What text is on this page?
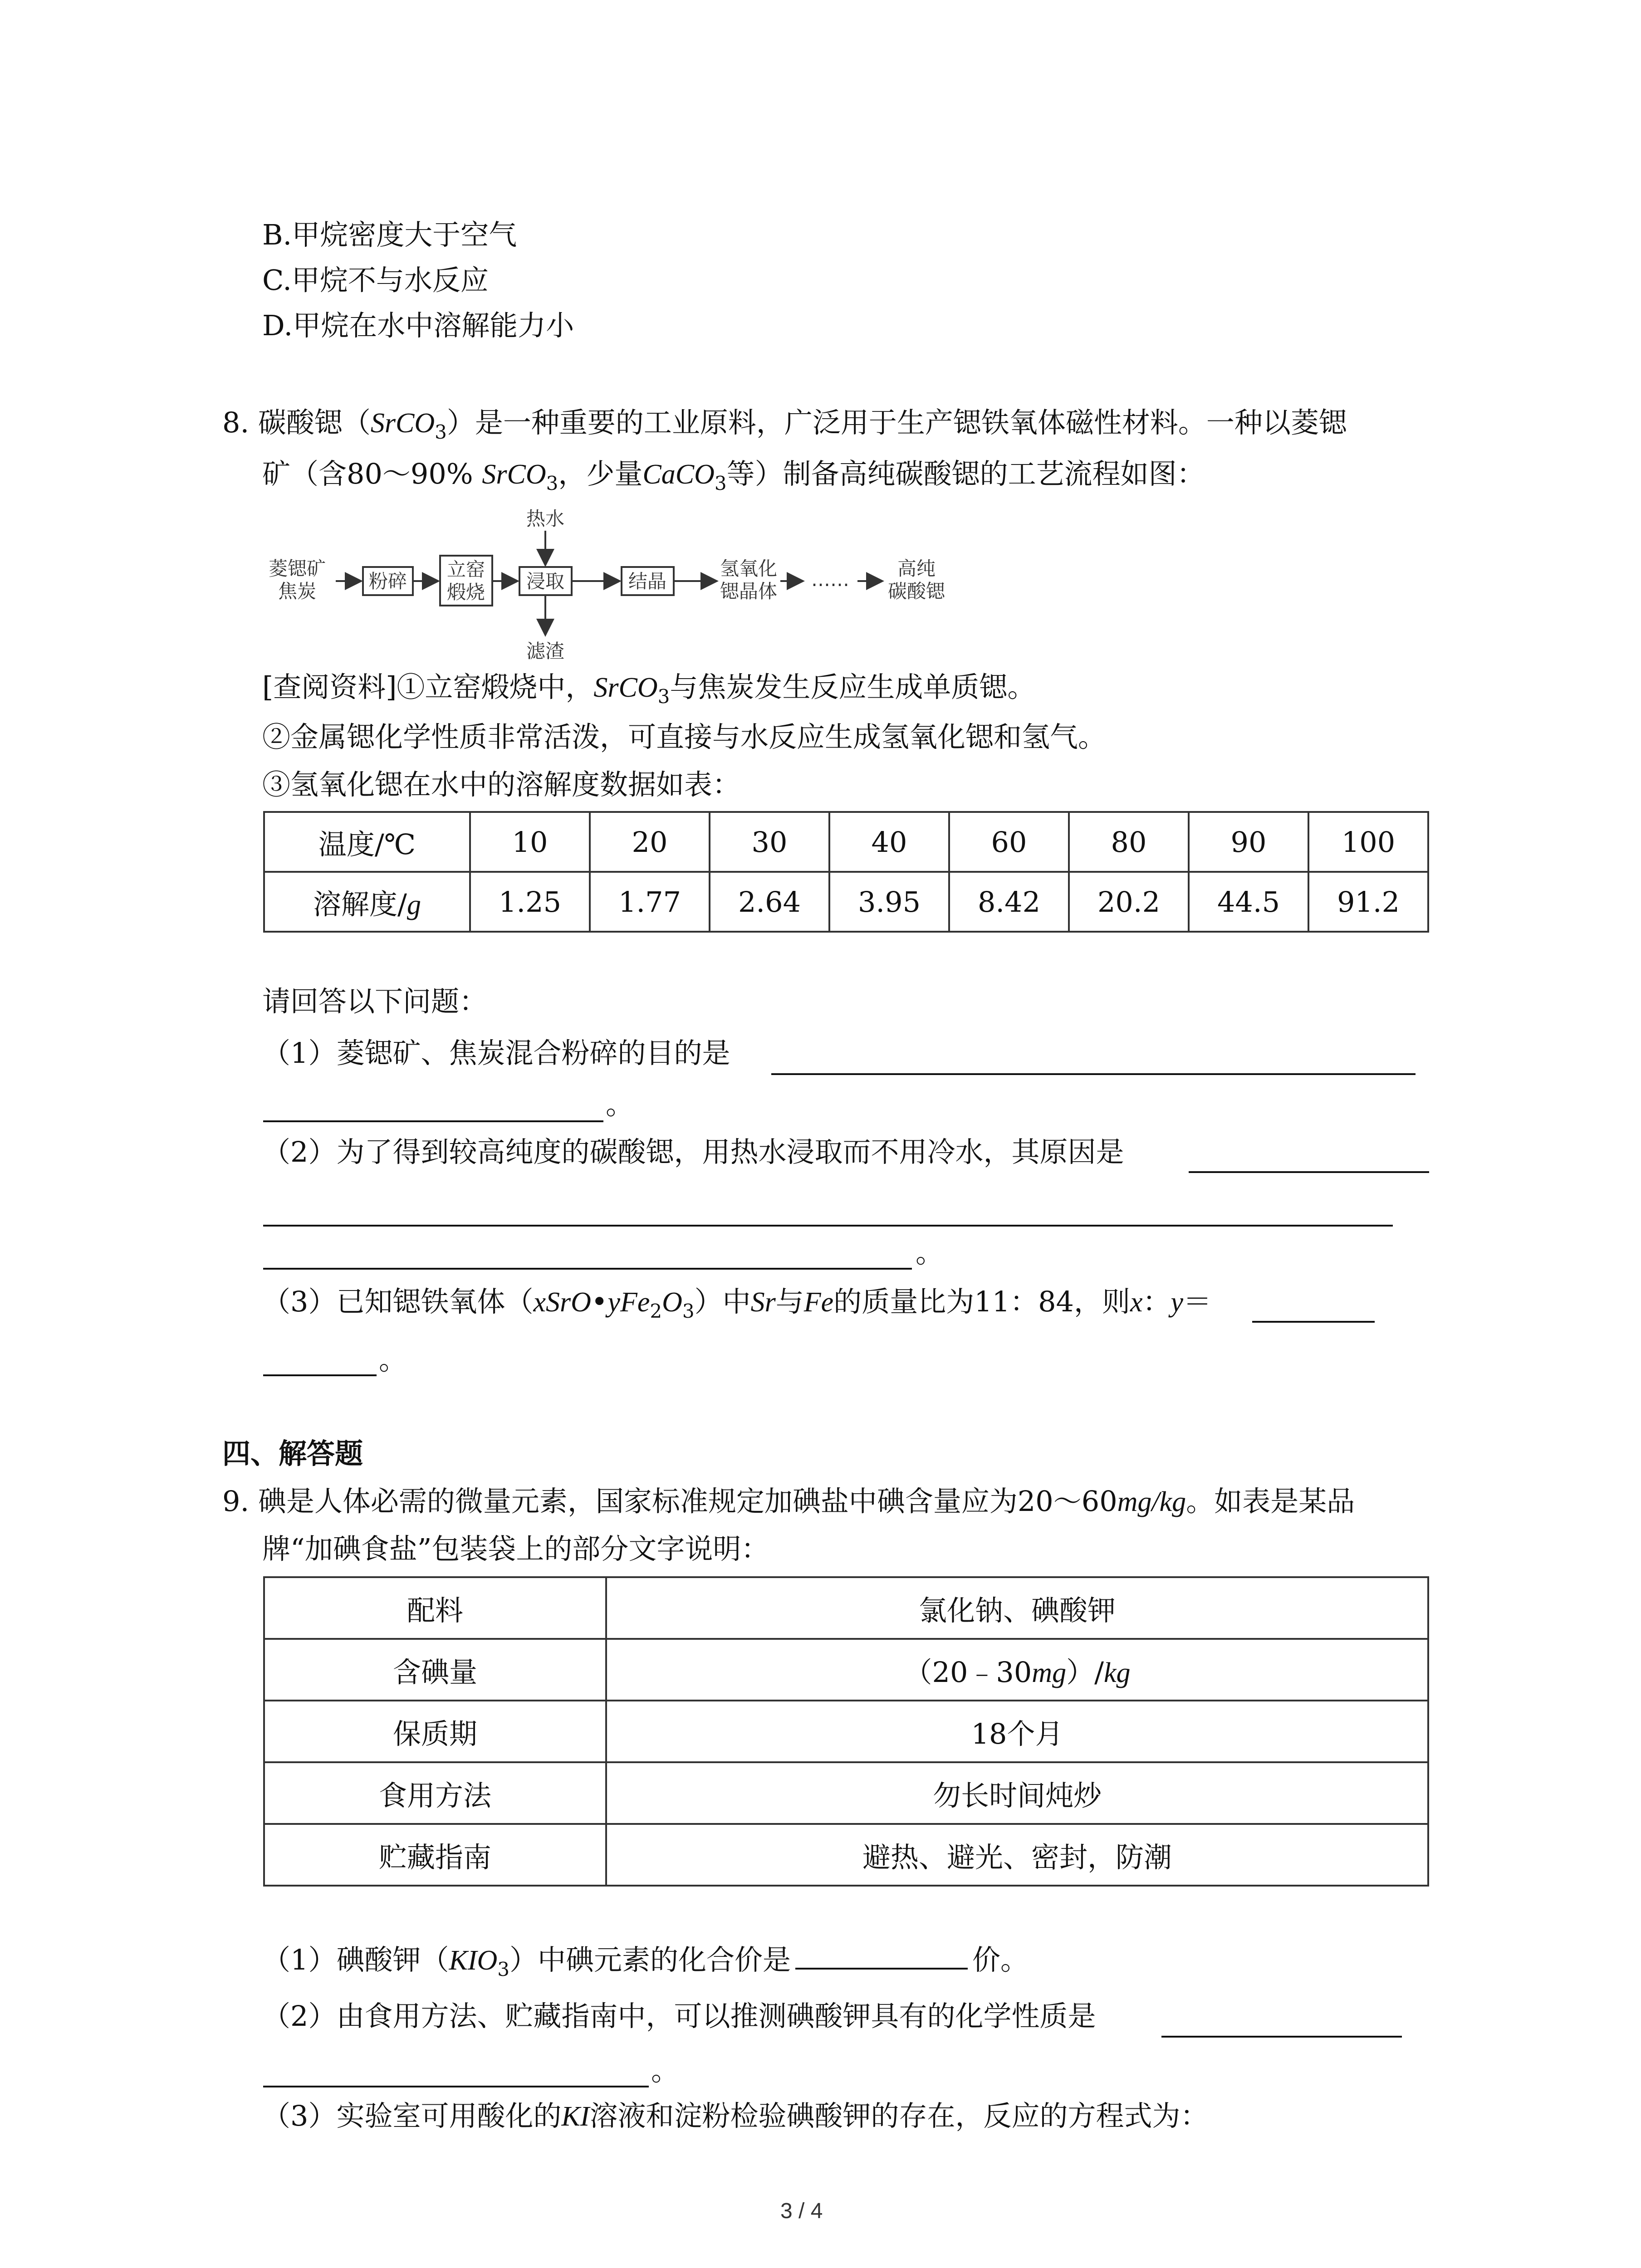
B.甲烷密度大于空气
C.甲烷不与水反应
D.甲烷在水中溶解能力小
8. 碳酸锶（SrCO$_3$）是一种重要的工业原料，广泛用于生产锶铁氧体磁性材料。一种以菱锶
矿（含80～90% SrCO$_3$，少量CaCO$_3$等）制备高纯碳酸锶的工艺流程如图：
菱锶矿
焦炭	粉碎
立窑
煅烧 浸取
热水
滤渣
结晶
氢氧化
锶晶体
……	高纯
碳酸锶
[查阅资料]①立窑煅烧中，SrCO$_3$与焦炭发生反应生成单质锶。
②金属锶化学性质非常活泼，可直接与水反应生成氢氧化锶和氢气。
③氢氧化锶在水中的溶解度数据如表：
温度/℃	10	20	30	40	60	80	90	100
溶解度/g	1.25	1.77	2.64	3.95	8.42	20.2	44.5	91.2
请回答以下问题：
（1）菱锶矿、焦炭混合粉碎的目的是
。
（2）为了得到较高纯度的碳酸锶，用热水浸取而不用冷水，其原因是
。
（3）已知锶铁氧体$(xSrO•yFe_2O_3)$中Sr与Fe的质量比为11：84，则x：y＝
。
四、解答题
9. 碘是人体必需的微量元素，国家标准规定加碘盐中碘含量应为20～60mg/kg。如表是某品
牌“加碘食盐”包装袋上的部分文字说明：
配料	氯化钠、碘酸钾
含碘量	（20﹣30mg）/kg
保质期	18个月
食用方法	勿长时间炖炒
贮藏指南	避热、避光、密封，防潮
（1）碘酸钾$(KIO_3)$中碘元素的化合价是	价。
（2）由食用方法、贮藏指南中，可以推测碘酸钾具有的化学性质是
。
（3）实验室可用酸化的KI溶液和淀粉检验碘酸钾的存在，反应的方程式为：
3 / 4
